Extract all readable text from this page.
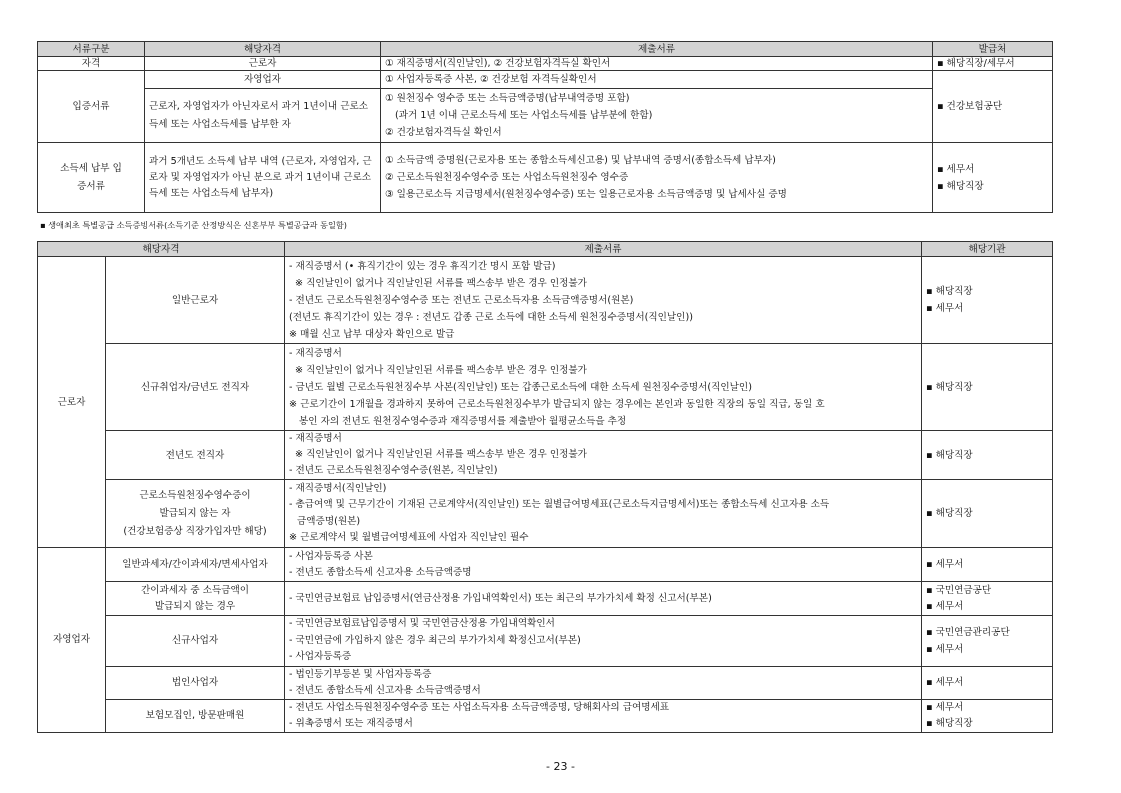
서류구분	해당자격	제출서류	발급처
자격	근로자	① 재직증명서(직인날인), ② 건강보험자격득실 확인서	▪ 해당직장/세무서
입증서류	자영업자	① 사업자등록증 사본, ② 건강보험 자격득실확인서	▪ 건강보험공단
	근로자, 자영업자가 아닌자로서 과거 1년이내 근로소득세 또는 사업소득세를 납부한 자	① 원천징수 영수증 또는 소득금액증명(납부내역증명 포함)
(과거 1년 이내 근로소득세 또는 사업소득세를 납부분에 한함)
② 건강보험자격득실 확인서	

소득세 납부 입증서류	과거 5개년도 소득세 납부 내역 (근로자, 자영업자, 근로자 및 자영업자가 아닌 분으로 과거 1년이내 근로소득세 또는 사업소득세 납부자)	① 소득금액 증명원(근로자용 또는 종합소득세신고용) 및 납부내역 증명서(종합소득세 납부자)
② 근로소득원천징수영수증 또는 사업소득원천징수 영수증
③ 일용근로소득 지급명세서(원천징수영수증) 또는 일용근로자용 소득금액증명 및 납세사실 증명	▪ 세무서
▪ 해당직장
▪ 생애최초 특별공급 소득증빙서류(소득기준 산정방식은 신혼부부 특별공급과 동일함)
해당자격		제출서류	해당기관
근로자	일반근로자	- 재직증명서 (• 휴직기간이 있는 경우 휴직기간 명시 포함 발급)
※ 직인날인이 없거나 직인날인된 서류를 팩스송부 받은 경우 인정불가
- 전년도 근로소득원천징수영수증 또는 전년도 근로소득자용 소득금액증명서(원본)
(전년도 휴직기간이 있는 경우 : 전년도 갑종 근로 소득에 대한 소득세 원천징수증명서(직인날인))
※ 매월 신고 납부 대상자 확인으로 발급	▪ 해당직장
▪ 세무서

	신규취업자/금년도 전직자	- 재직증명서
※ 직인날인이 없거나 직인날인된 서류를 팩스송부 받은 경우 인정불가
- 금년도 월별 근로소득원천징수부 사본(직인날인) 또는 갑종근로소득에 대한 소득세 원천징수증명서(직인날인)
※ 근로기간이 1개월을 경과하지 못하여 근로소득원천징수부가 발급되지 않는 경우에는 본인과 동일한 직장의 동일 직급, 동일 호
봉인 자의 전년도 원천징수영수증과 재직증명서를 제출받아 월평균소득을 추정	▪ 해당직장
	전년도 전직자	- 재직증명서
※ 직인날인이 없거나 직인날인된 서류를 팩스송부 받은 경우 인정불가
- 전년도 근로소득원천징수영수증(원본, 직인날인)	▪ 해당직장

	근로소득원천징수영수증이
발급되지 않는 자
(건강보험증상 직장가입자만 해당)	- 재직증명서(직인날인)
- 총급여액 및 근무기간이 기재된 근로계약서(직인날인) 또는 월별급여명세표(근로소득지급명세서)또는 종합소득세 신고자용 소득
금액증명(원본)
※ 근로계약서 및 월별급여명세표에 사업자 직인날인 필수	▪ 해당직장
자영업자	일반과세자/간이과세자/면세사업자	- 사업자등록증 사본
- 전년도 종합소득세 신고자용 소득금액증명	▪ 세무서

	간이과세자 중 소득금액이
발급되지 않는 경우	- 국민연금보험료 납입증명서(연금산정용 가입내역확인서) 또는 최근의 부가가치세 확정 신고서(부본)	▪ 국민연금공단
▪ 세무서

	신규사업자	- 국민연금보험료납입증명서 및 국민연금산정용 가입내역확인서
- 국민연금에 가입하지 않은 경우 최근의 부가가치세 확정신고서(부본)
- 사업자등록증	▪ 국민연금관리공단
▪ 세무서

	법인사업자	- 법인등기부등본 및 사업자등록증
- 전년도 종합소득세 신고자용 소득금액증명서	▪ 세무서
	보험모집인, 방문판매원	- 전년도 사업소득원천징수영수증 또는 사업소득자용 소득금액증명, 당해회사의 급여명세표
- 위촉증명서 또는 재직증명서	▪ 세무서
▪ 해당직장
- 23 -
